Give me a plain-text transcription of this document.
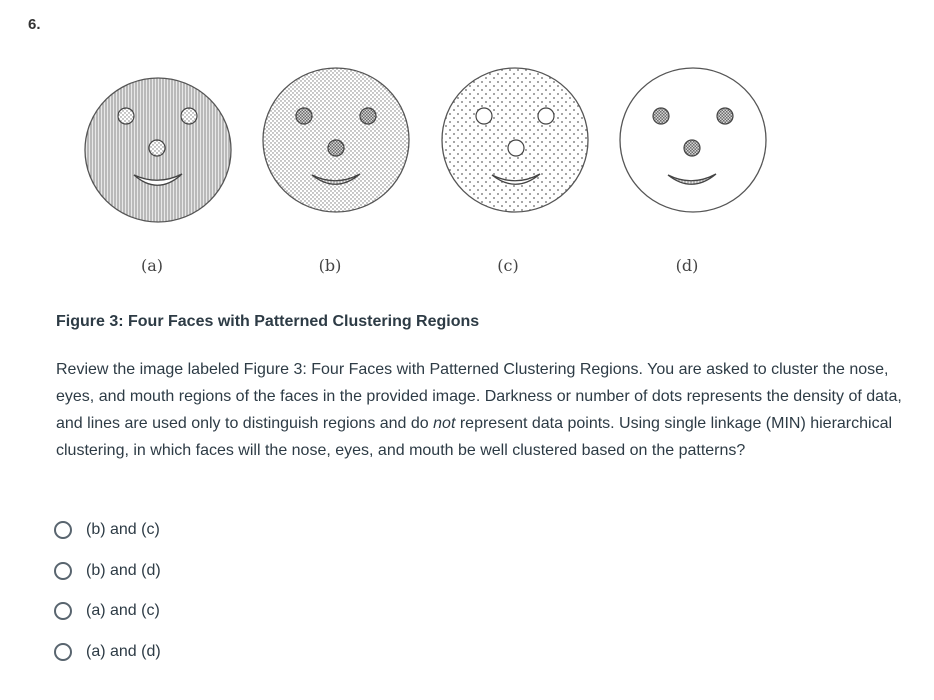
6.
(a)	(b)	(c)	(d)
Figure 3: Four Faces with Patterned Clustering Regions
Review the image labeled Figure 3: Four Faces with Patterned Clustering Regions. You are asked to cluster the nose, eyes, and mouth regions of the faces in the provided image. Darkness or number of dots represents the density of data, and lines are used only to distinguish regions and do not represent data points. Using single linkage (MIN) hierarchical clustering, in which faces will the nose, eyes, and mouth be well clustered based on the patterns?
(b) and (c)
(b) and (d)
(a) and (c)
(a) and (d)
